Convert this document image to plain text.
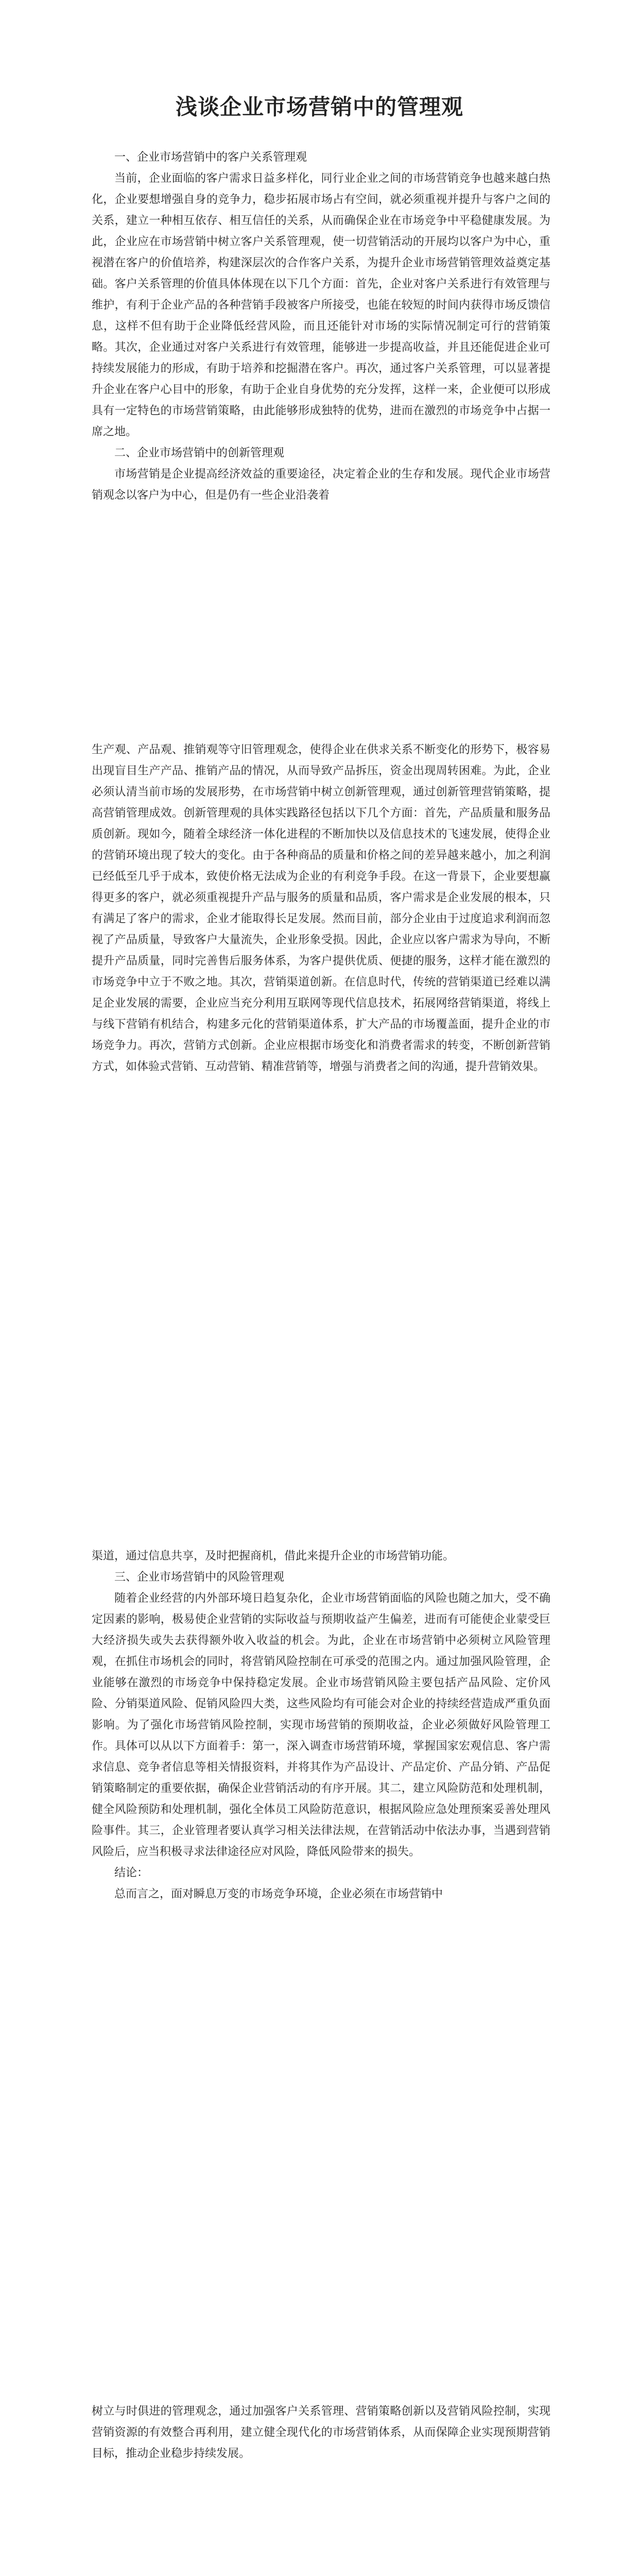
浅谈企业市场营销中的管理观

一、企业市场营销中的客户关系管理观

当前，企业面临的客户需求日益多样化，同行业企业之间的市场营销竞争也越来越白热化，企业要想增强自身的竞争力，稳步拓展市场占有空间，就必须重视并提升与客户之间的关系，建立一种相互依存、相互信任的关系，从而确保企业在市场竞争中平稳健康发展。为此，企业应在市场营销中树立客户关系管理观，使一切营销活动的开展均以客户为中心，重视潜在客户的价值培养，构建深层次的合作客户关系，为提升企业市场营销管理效益奠定基础。客户关系管理的价值具体体现在以下几个方面：首先，企业对客户关系进行有效管理与维护，有利于企业产品的各种营销手段被客户所接受，也能在较短的时间内获得市场反馈信息，这样不但有助于企业降低经营风险，而且还能针对市场的实际情况制定可行的营销策略。其次，企业通过对客户关系进行有效管理，能够进一步提高收益，并且还能促进企业可持续发展能力的形成，有助于培养和挖掘潜在客户。再次，通过客户关系管理，可以显著提升企业在客户心目中的形象，有助于企业自身优势的充分发挥，这样一来，企业便可以形成具有一定特色的市场营销策略，由此能够形成独特的优势，进而在激烈的市场竞争中占据一席之地。

二、企业市场营销中的创新管理观

市场营销是企业提高经济效益的重要途径，决定着企业的生存和发展。现代企业市场营销观念以客户为中心，但是仍有一些企业沿袭着

生产观、产品观、推销观等守旧管理观念，使得企业在供求关系不断变化的形势下，极容易出现盲目生产产品、推销产品的情况，从而导致产品拆压，资金出现周转困难。为此，企业必须认清当前市场的发展形势，在市场营销中树立创新管理观，通过创新管理营销策略，提高营销管理成效。创新管理观的具体实践路径包括以下几个方面：首先，产品质量和服务品质创新。现如今，随着全球经济一体化进程的不断加快以及信息技术的飞速发展，使得企业的营销环境出现了较大的变化。由于各种商品的质量和价格之间的差异越来越小，加之利润已经低至几乎于成本，致使价格无法成为企业的有利竞争手段。在这一背景下，企业要想赢得更多的客户，就必须重视提升产品与服务的质量和品质，客户需求是企业发展的根本，只有满足了客户的需求，企业才能取得长足发展。然而目前，部分企业由于过度追求利润而忽视了产品质量，导致客户大量流失，企业形象受损。因此，企业应以客户需求为导向，不断提升产品质量，同时完善售后服务体系，为客户提供优质、便捷的服务，这样才能在激烈的市场竞争中立于不败之地。其次，营销渠道创新。在信息时代，传统的营销渠道已经难以满足企业发展的需要，企业应当充分利用互联网等现代信息技术，拓展网络营销渠道，将线上与线下营销有机结合，构建多元化的营销渠道体系，扩大产品的市场覆盖面，提升企业的市场竞争力。再次，营销方式创新。企业应根据市场变化和消费者需求的转变，不断创新营销方式，如体验式营销、互动营销、精准营销等，增强与消费者之间的沟通，提升营销效果。

渠道，通过信息共享，及时把握商机，借此来提升企业的市场营销功能。

三、企业市场营销中的风险管理观

随着企业经营的内外部环境日趋复杂化，企业市场营销面临的风险也随之加大，受不确定因素的影响，极易使企业营销的实际收益与预期收益产生偏差，进而有可能使企业蒙受巨大经济损失或失去获得额外收入收益的机会。为此，企业在市场营销中必须树立风险管理观，在抓住市场机会的同时，将营销风险控制在可承受的范围之内。通过加强风险管理，企业能够在激烈的市场竞争中保持稳定发展。企业市场营销风险主要包括产品风险、定价风险、分销渠道风险、促销风险四大类，这些风险均有可能会对企业的持续经营造成严重负面影响。为了强化市场营销风险控制，实现市场营销的预期收益，企业必须做好风险管理工作。具体可以从以下方面着手：第一，深入调查市场营销环境，掌握国家宏观信息、客户需求信息、竞争者信息等相关情报资料，并将其作为产品设计、产品定价、产品分销、产品促销策略制定的重要依据，确保企业营销活动的有序开展。其二，建立风险防范和处理机制，健全风险预防和处理机制，强化全体员工风险防范意识，根据风险应急处理预案妥善处理风险事件。其三，企业管理者要认真学习相关法律法规，在营销活动中依法办事，当遇到营销风险后，应当积极寻求法律途径应对风险，降低风险带来的损失。

结论：

总而言之，面对瞬息万变的市场竞争环境，企业必须在市场营销中

树立与时俱进的管理观念，通过加强客户关系管理、营销策略创新以及营销风险控制，实现营销资源的有效整合再利用，建立健全现代化的市场营销体系，从而保障企业实现预期营销目标，推动企业稳步持续发展。
